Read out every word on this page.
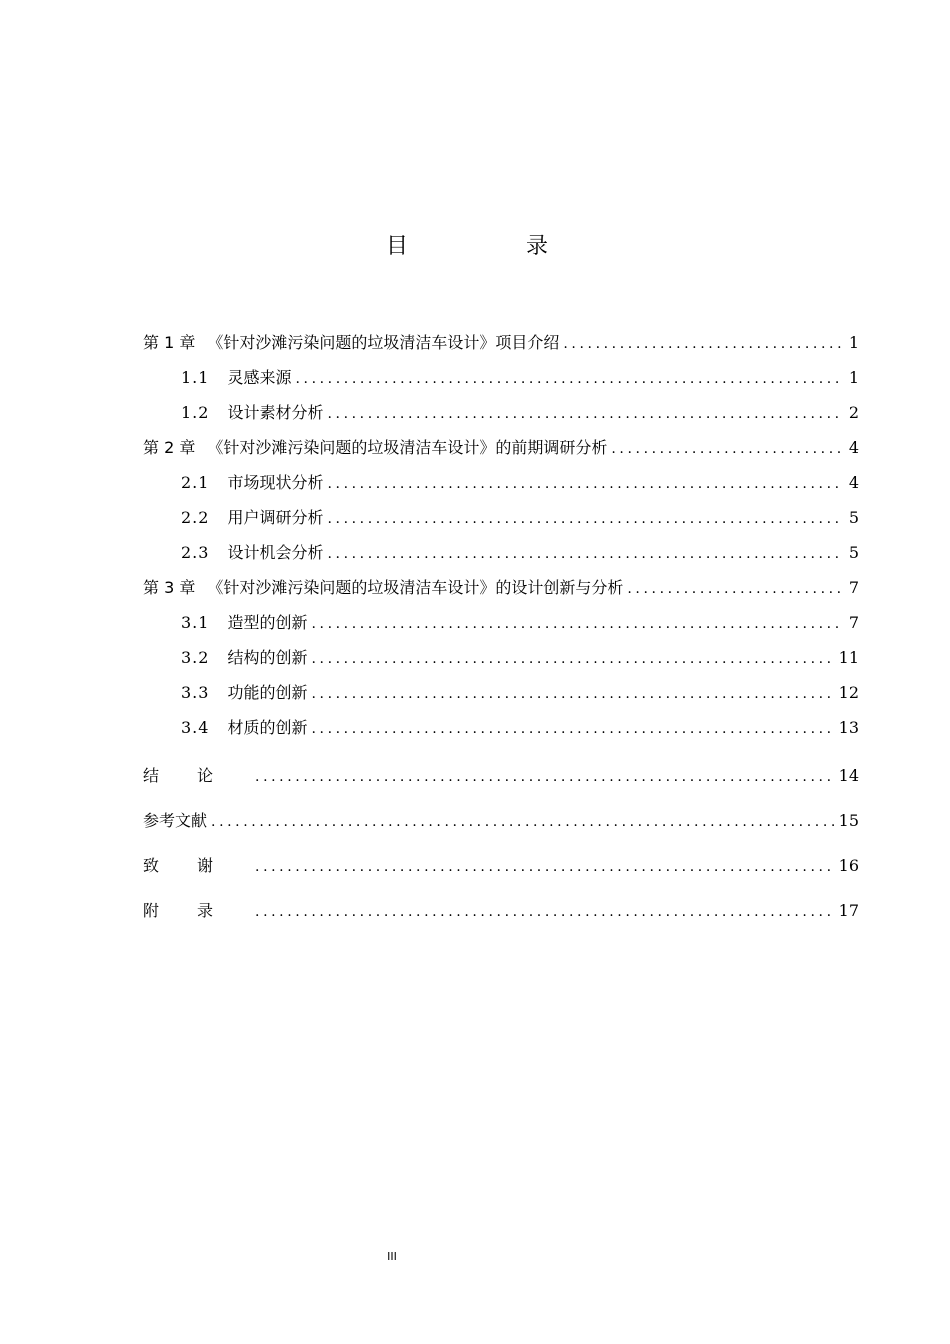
目　录
第 1 章 《针对沙滩污染问题的垃圾清洁车设计》项目介绍 .....	1
1.1 灵感来源 .....	1
1.2 设计素材分析 .....	2
第 2 章 《针对沙滩污染问题的垃圾清洁车设计》的前期调研分析 .....	4
2.1 市场现状分析 .....	4
2.2 用户调研分析 .....	5
2.3 设计机会分析 .....	5
第 3 章 《针对沙滩污染问题的垃圾清洁车设计》的设计创新与分析 .....	7
3.1 造型的创新 .....	7
3.2 结构的创新 .....	11
3.3 功能的创新 .....	12
3.4 材质的创新 .....	13
结论 .....	14
参考文献 .....	15
致谢 .....	16
附录 .....	17
III
